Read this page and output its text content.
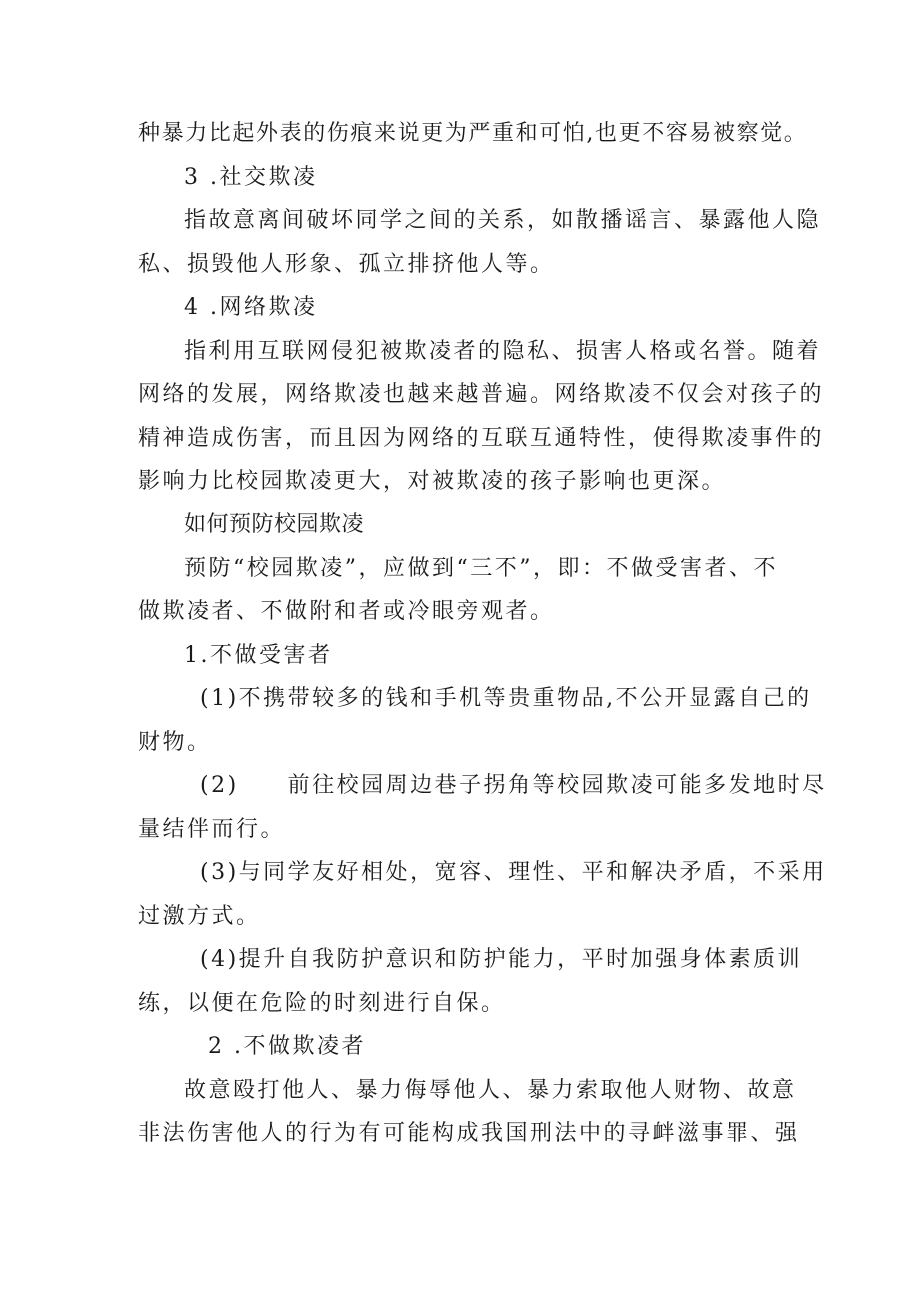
种暴力比起外表的伤痕来说更为严重和可怕,也更不容易被察觉。
3 .社交欺凌
指故意离间破坏同学之间的关系，如散播谣言、暴露他人隐
私、损毁他人形象、孤立排挤他人等。
4 .网络欺凌
指利用互联网侵犯被欺凌者的隐私、损害人格或名誉。随着
网络的发展，网络欺凌也越来越普遍。网络欺凌不仅会对孩子的
精神造成伤害，而且因为网络的互联互通特性，使得欺凌事件的
影响力比校园欺凌更大，对被欺凌的孩子影响也更深。
如何预防校园欺凌
预防“校园欺凌”，应做到“三不”，即：不做受害者、不
做欺凌者、不做附和者或冷眼旁观者。
1.不做受害者
(1)不携带较多的钱和手机等贵重物品,不公开显露自己的
财物。
(2)　　前往校园周边巷子拐角等校园欺凌可能多发地时尽
量结伴而行。
(3)与同学友好相处，宽容、理性、平和解决矛盾，不采用
过激方式。
(4)提升自我防护意识和防护能力，平时加强身体素质训
练，以便在危险的时刻进行自保。
2 .不做欺凌者
故意殴打他人、暴力侮辱他人、暴力索取他人财物、故意
非法伤害他人的行为有可能构成我国刑法中的寻衅滋事罪、强
